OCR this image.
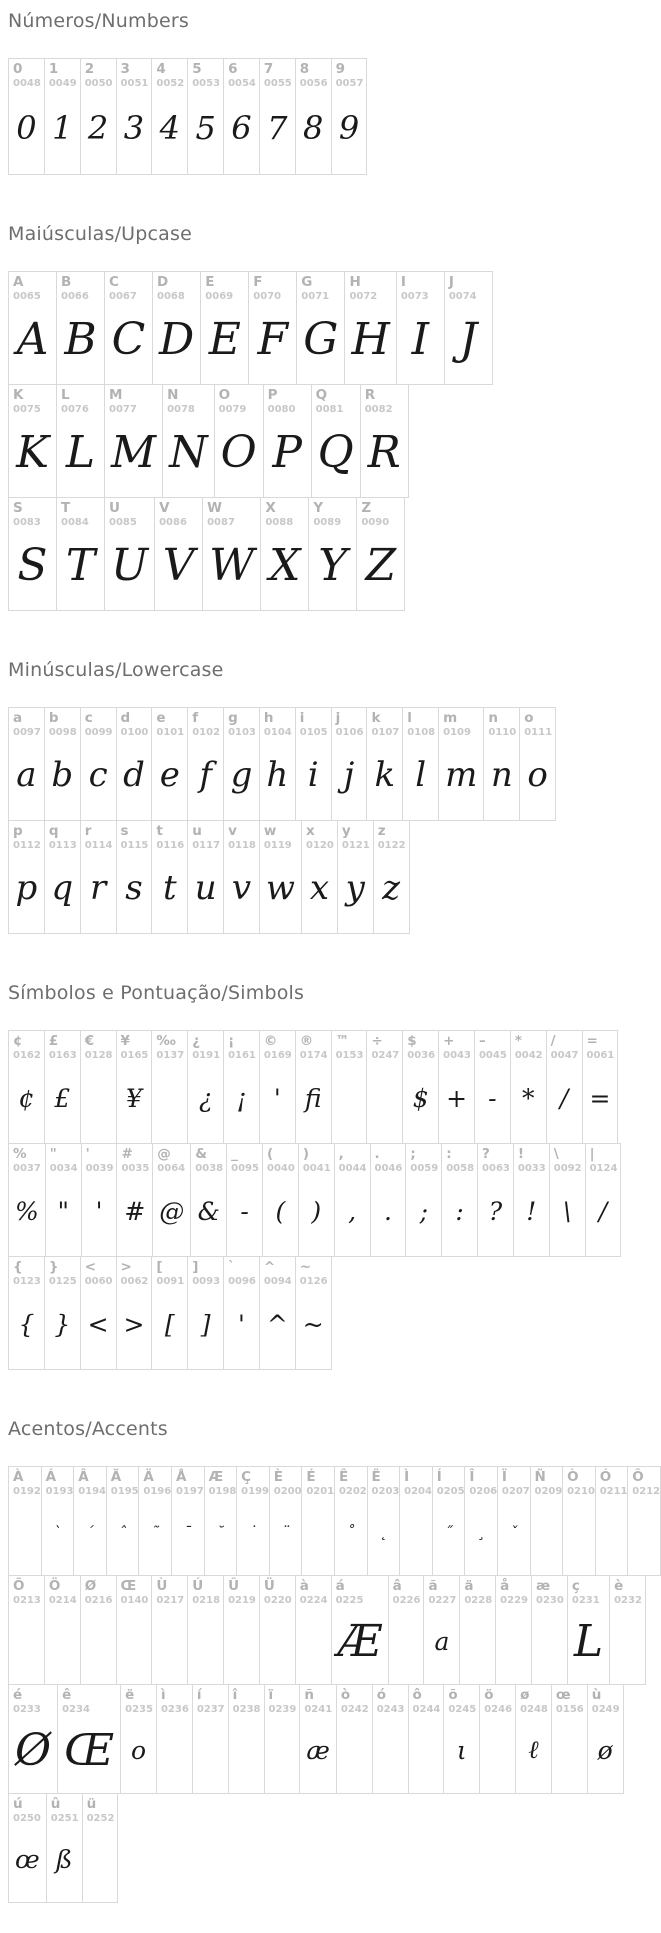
Números/Numbers
0
0048
0
1
0049
1
2
0050
2
3
0051
3
4
0052
4
5
0053
5
6
0054
6
7
0055
7
8
0056
8
9
0057
9
Maiúsculas/Upcase
A
0065
A
B
0066
B
C
0067
C
D
0068
D
E
0069
E
F
0070
F
G
0071
G
H
0072
H
I
0073
I
J
0074
J
K
0075
K
L
0076
L
M
0077
M
N
0078
N
O
0079
O
P
0080
P
Q
0081
Q
R
0082
R
S
0083
S
T
0084
T
U
0085
U
V
0086
V
W
0087
W
X
0088
X
Y
0089
Y
Z
0090
Z
Minúsculas/Lowercase
a
0097
a
b
0098
b
c
0099
c
d
0100
d
e
0101
e
f
0102
f
g
0103
g
h
0104
h
i
0105
i
j
0106
j
k
0107
k
l
0108
l
m
0109
m
n
0110
n
o
0111
o
p
0112
p
q
0113
q
r
0114
r
s
0115
s
t
0116
t
u
0117
u
v
0118
v
w
0119
w
x
0120
x
y
0121
y
z
0122
z
Símbolos e Pontuação/Simbols
¢
0162
¢
£
0163
£
€
0128
¥
0165
¥
‰
0137
¿
0191
¿
¡
0161
¡
©
0169
'
®
0174
fi
™
0153
÷
0247
$
0036
$
+
0043
+
–
0045
-
*
0042
*
/
0047
/
=
0061
=
%
0037
%
"
0034
"
'
0039
'
#
0035
#
@
0064
@
&
0038
&
_
0095
-
(
0040
(
)
0041
)
,
0044
,
.
0046
.
;
0059
;
:
0058
:
?
0063
?
!
0033
!
\
0092
\
|
0124
/
{
0123
{
}
0125
}
<
0060
<
>
0062
>
[
0091
[
]
0093
]
`
0096
'
^
0094
^
~
0126
~
Acentos/Accents
À
0192
Á
0193
`
Â
0194
´
Ã
0195
ˆ
Ä
0196
˜
Å
0197
ˉ
Æ
0198
˘
Ç
0199
˙
È
0200
¨
É
0201
Ê
0202
˚
Ë
0203
˛
Ì
0204
Í
0205
˝
Î
0206
¸
Ï
0207
ˇ
Ñ
0209
Ò
0210
Ó
0211
Ô
0212
Õ
0213
Ö
0214
Ø
0216
Œ
0140
Ù
0217
Ú
0218
Û
0219
Ü
0220
à
0224
á
0225
Æ
â
0226
ã
0227
a
ä
0228
å
0229
æ
0230
ç
0231
L
è
0232
é
0233
Ø
ê
0234
Œ
ë
0235
o
ì
0236
í
0237
î
0238
ï
0239
ñ
0241
æ
ò
0242
ó
0243
ô
0244
õ
0245
ι
ö
0246
ø
0248
ℓ
œ
0156
ù
0249
ø
ú
0250
œ
û
0251
ß
ü
0252
